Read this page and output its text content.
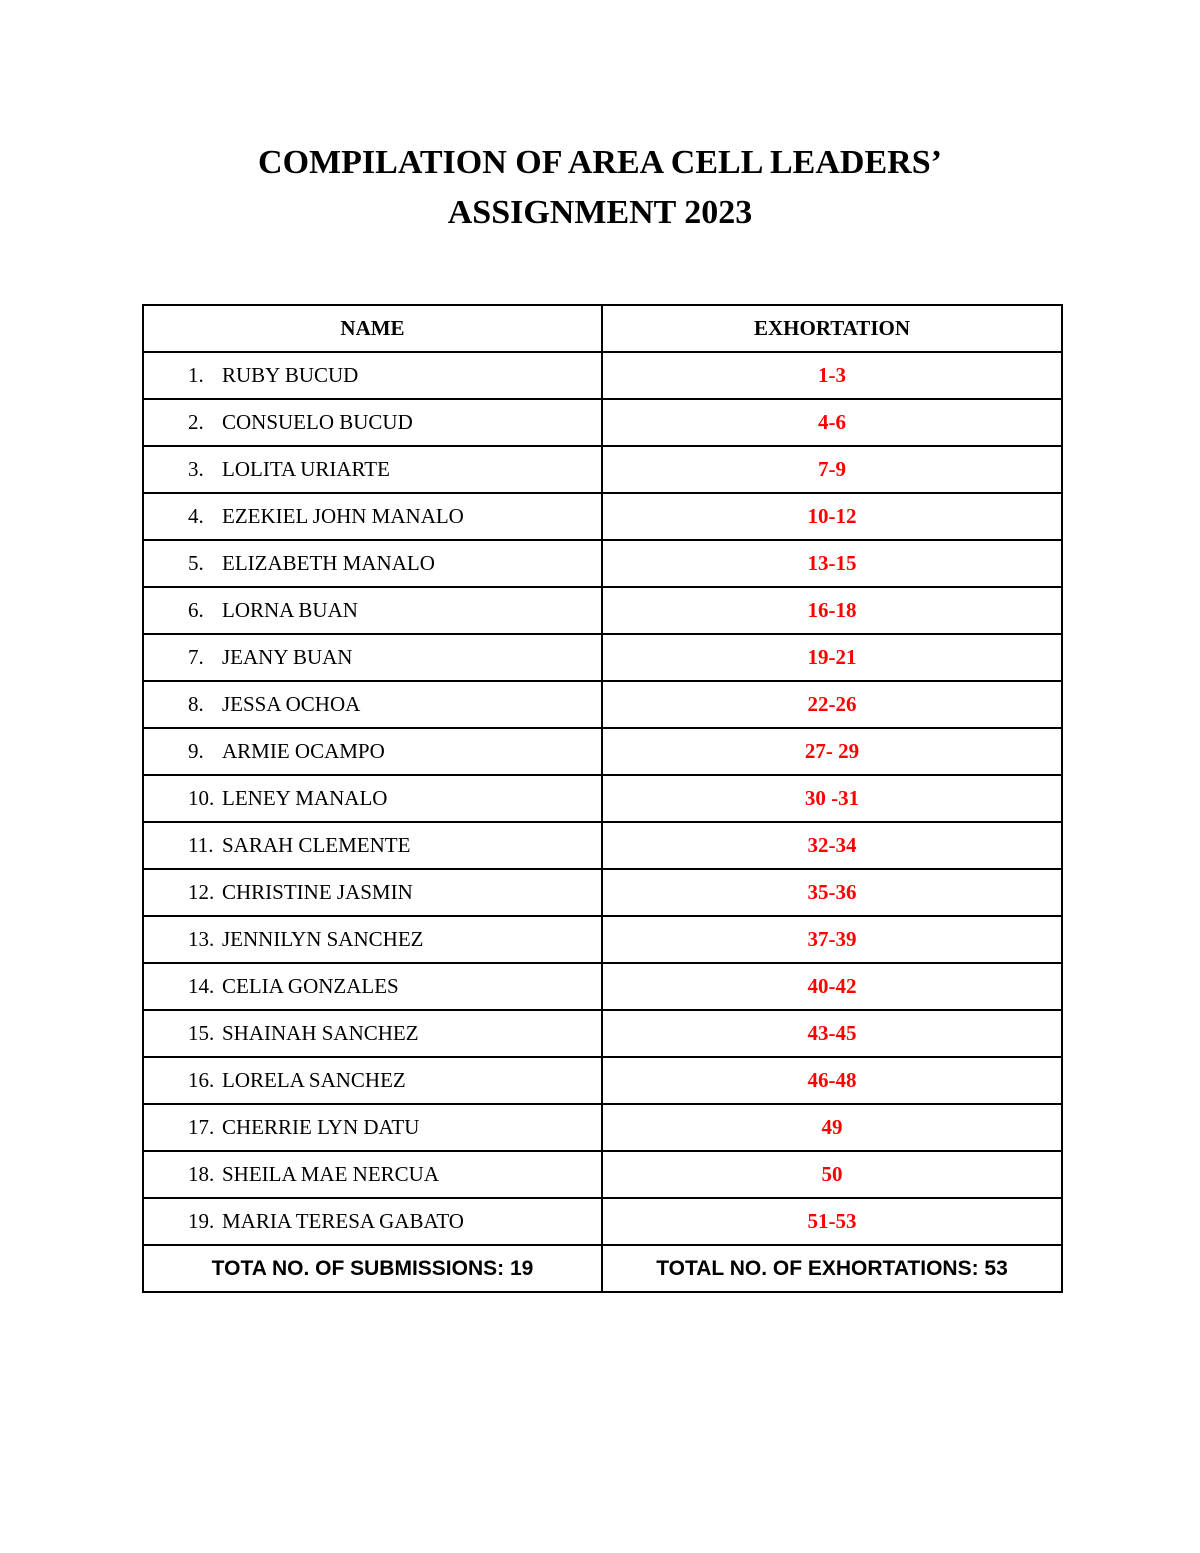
COMPILATION OF AREA CELL LEADERS’
ASSIGNMENT 2023
NAME	EXHORTATION
1. RUBY BUCUD	1-3
2. CONSUELO BUCUD	4-6
3. LOLITA URIARTE	7-9
4. EZEKIEL JOHN MANALO	10-12
5. ELIZABETH MANALO	13-15
6. LORNA BUAN	16-18
7. JEANY BUAN	19-21
8. JESSA OCHOA	22-26
9. ARMIE OCAMPO	27- 29
10. LENEY MANALO	30 -31
11. SARAH CLEMENTE	32-34
12. CHRISTINE JASMIN	35-36
13. JENNILYN SANCHEZ	37-39
14. CELIA GONZALES	40-42
15. SHAINAH SANCHEZ	43-45
16. LORELA SANCHEZ	46-48
17. CHERRIE LYN DATU	49
18. SHEILA MAE NERCUA	50
19. MARIA TERESA GABATO	51-53
TOTA NO. OF SUBMISSIONS: 19	TOTAL NO. OF EXHORTATIONS: 53
